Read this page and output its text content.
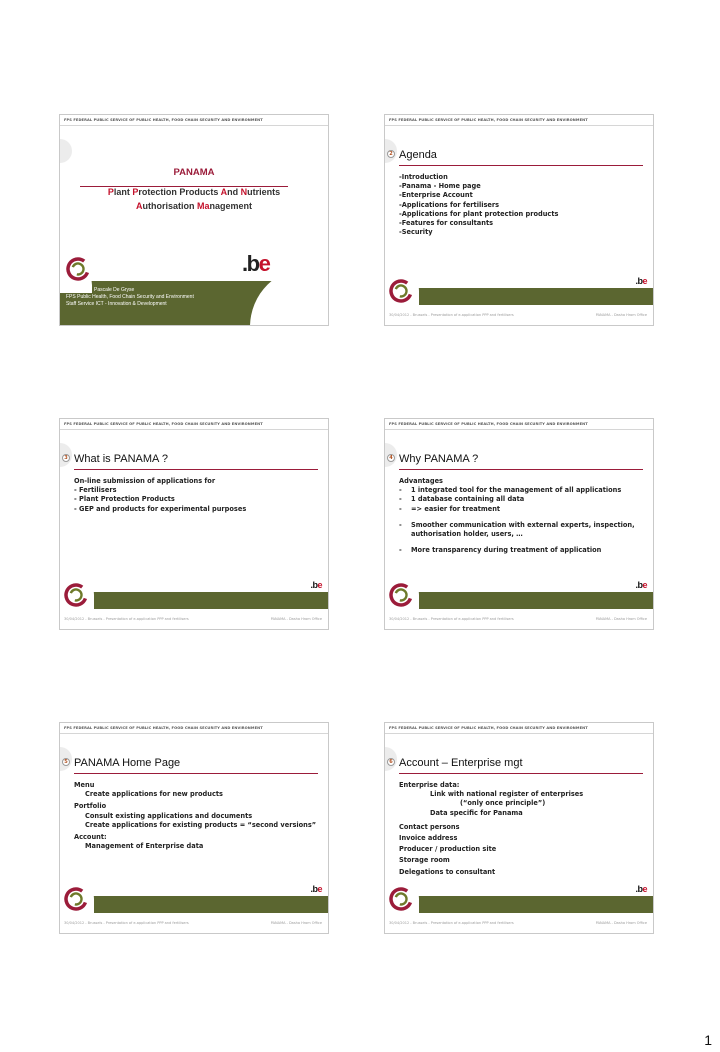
FPS FEDERAL PUBLIC SERVICE OF PUBLIC HEALTH, FOOD CHAIN SECURITY AND ENVIRONMENT
PANAMA
Plant Protection Products And Nutrients
Authorisation Management
.be
Pascale De Gryse
FPS Public Health, Food Chain Security and Environment
Staff Service ICT - Innovation & Development
FPS FEDERAL PUBLIC SERVICE OF PUBLIC HEALTH, FOOD CHAIN SECURITY AND ENVIRONMENT
2 Agenda
-Introduction
-Panama - Home page
-Enterprise Account
-Applications for fertilisers
-Applications for plant protection products
-Features for consultants
-Security
.be
30/04/2012 - Brussels - Presentation of e-application PPP and fertilisers	PANAMA - Dasha Hrom Office
FPS FEDERAL PUBLIC SERVICE OF PUBLIC HEALTH, FOOD CHAIN SECURITY AND ENVIRONMENT
3 What is PANAMA ?
On-line submission of applications for
- Fertilisers
- Plant Protection Products
- GEP and products for experimental purposes
.be
30/04/2012 - Brussels - Presentation of e-application PPP and fertilisers	PANAMA - Dasha Hrom Office
FPS FEDERAL PUBLIC SERVICE OF PUBLIC HEALTH, FOOD CHAIN SECURITY AND ENVIRONMENT
4 Why PANAMA ?
Advantages
- 1 integrated tool for the management of all applications
- 1 database containing all data
- => easier for treatment
- Smoother communication with external experts, inspection,
authorisation holder, users, …
- More transparency during treatment of application
.be
30/04/2012 - Brussels - Presentation of e-application PPP and fertilisers	PANAMA - Dasha Hrom Office
FPS FEDERAL PUBLIC SERVICE OF PUBLIC HEALTH, FOOD CHAIN SECURITY AND ENVIRONMENT
5 PANAMA Home Page
Menu
Create applications for new products
Portfolio
Consult existing applications and documents
Create applications for existing products = “second versions”
Account:
Management of Enterprise data
.be
30/04/2012 - Brussels - Presentation of e-application PPP and fertilisers	PANAMA - Dasha Hrom Office
FPS FEDERAL PUBLIC SERVICE OF PUBLIC HEALTH, FOOD CHAIN SECURITY AND ENVIRONMENT
6 Account – Enterprise mgt
Enterprise data:
Link with national register of enterprises
(“only once principle”)
Data specific for Panama
Contact persons
Invoice address
Producer / production site
Storage room
Delegations to consultant
.be
30/04/2012 - Brussels - Presentation of e-application PPP and fertilisers	PANAMA - Dasha Hrom Office
1
